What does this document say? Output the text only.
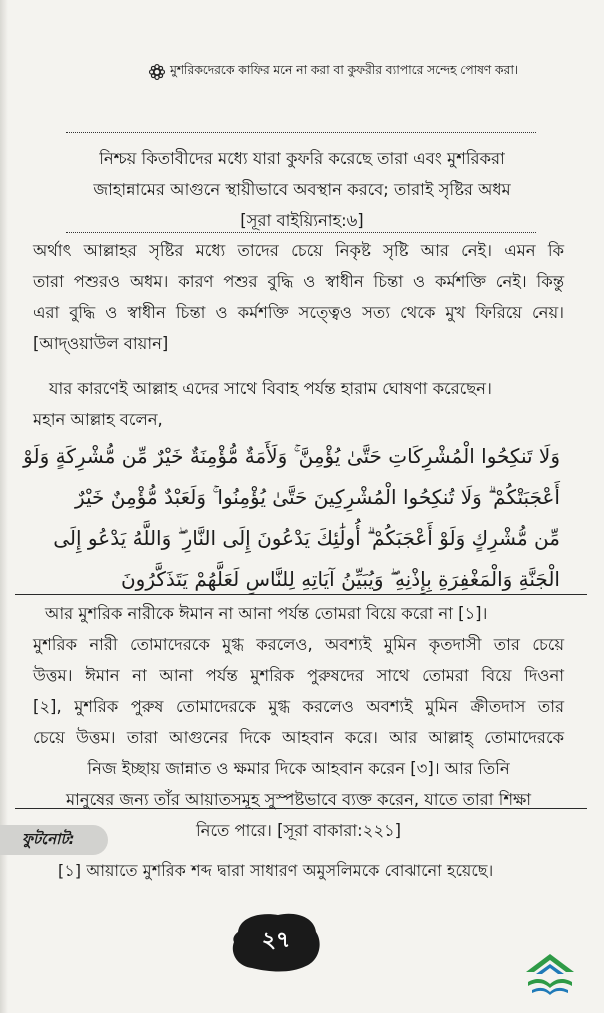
মুশরিকদেরকে কাফির মনে না করা বা কুফরীর ব্যাপারে সন্দেহ পোষণ করা।
নিশ্চয় কিতাবীদের মধ্যে যারা কুফরি করেছে তারা এবং মুশরিকরা
জাহান্নামের আগুনে স্থায়ীভাবে অবস্থান করবে; তারাই সৃষ্টির অধম
[সূরা বাইয়্যিনাহ:৬]
অর্থাৎ আল্লাহর সৃষ্টির মধ্যে তাদের চেয়ে নিকৃষ্ট সৃষ্টি আর নেই। এমন কি
তারা পশুরও অধম। কারণ পশুর বুদ্ধি ও স্বাধীন চিন্তা ও কর্মশক্তি নেই। কিন্তু
এরা বুদ্ধি ও স্বাধীন চিন্তা ও কর্মশক্তি সত্ত্বেও সত্য থেকে মুখ ফিরিয়ে নেয়।
[আদ্ওয়াউল বায়ান]
যার কারণেই আল্লাহ এদের সাথে বিবাহ পর্যন্ত হারাম ঘোষণা করেছেন।
মহান আল্লাহ বলেন,
وَلَا تَنكِحُوا الْمُشْرِكَاتِ حَتَّىٰ يُؤْمِنَّ ۚ وَلَأَمَةٌ مُّؤْمِنَةٌ خَيْرٌ مِّن مُّشْرِكَةٍ وَلَوْ
أَعْجَبَتْكُمْ ۗ وَلَا تُنكِحُوا الْمُشْرِكِينَ حَتَّىٰ يُؤْمِنُوا ۚ وَلَعَبْدٌ مُّؤْمِنٌ خَيْرٌ
مِّن مُّشْرِكٍ وَلَوْ أَعْجَبَكُمْ ۗ أُولَٰئِكَ يَدْعُونَ إِلَى النَّارِ ۖ وَاللَّهُ يَدْعُو إِلَى
الْجَنَّةِ وَالْمَغْفِرَةِ بِإِذْنِهِ ۖ وَيُبَيِّنُ آيَاتِهِ لِلنَّاسِ لَعَلَّهُمْ يَتَذَكَّرُونَ
আর মুশরিক নারীকে ঈমান না আনা পর্যন্ত তোমরা বিয়ে করো না [১]।
মুশরিক নারী তোমাদেরকে মুগ্ধ করলেও, অবশ্যই মুমিন কৃতদাসী তার চেয়ে
উত্তম। ঈমান না আনা পর্যন্ত মুশরিক পুরুষদের সাথে তোমরা বিয়ে দিওনা
[২], মুশরিক পুরুষ তোমাদেরকে মুগ্ধ করলেও অবশ্যই মুমিন ক্রীতদাস তার
চেয়ে উত্তম। তারা আগুনের দিকে আহবান করে। আর আল্লাহ্ তোমাদেরকে
নিজ ইচ্ছায় জান্নাত ও ক্ষমার দিকে আহবান করেন [৩]। আর তিনি
মানুষের জন্য তাঁর আয়াতসমূহ সুস্পষ্টভাবে ব্যক্ত করেন, যাতে তারা শিক্ষা
নিতে পারে। [সূরা বাকারা:২২১]
ফুটনোট:
[১] আয়াতে মুশরিক শব্দ দ্বারা সাধারণ অমুসলিমকে বোঝানো হয়েছে।
২৭
